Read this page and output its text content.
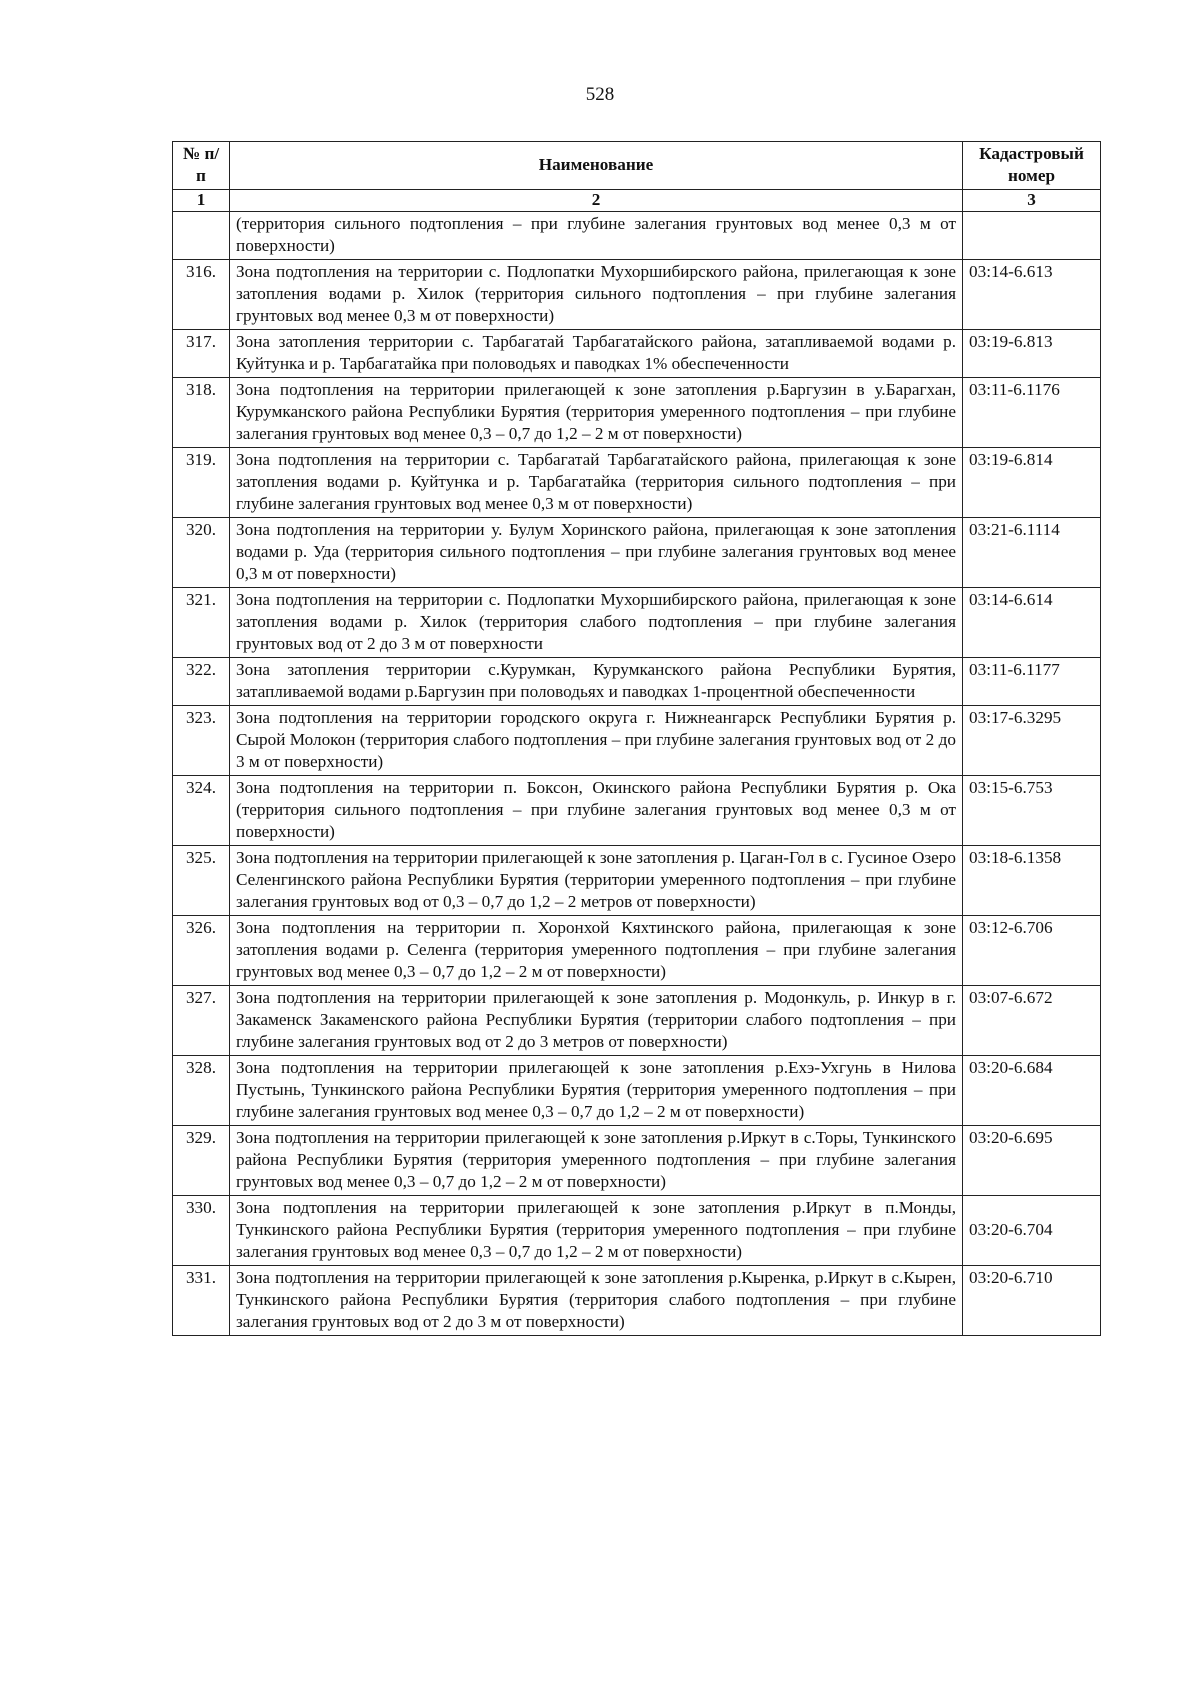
528
№ п/п	Наименование	Кадастровый номер
1	2	3
	(территория сильного подтопления – при глубине залегания грунтовых вод менее 0,3 м от поверхности)	
316.	Зона подтопления на территории с. Подлопатки Мухоршибирского района, прилегающая к зоне затопления водами р. Хилок (территория сильного подтопления – при глубине залегания грунтовых вод менее 0,3 м от поверхности)	03:14-6.613
317.	Зона затопления территории с. Тарбагатай Тарбагатайского района, затапливаемой водами р. Куйтунка и р. Тарбагатайка при половодьях и паводках 1% обеспеченности	03:19-6.813
318.	Зона подтопления на территории прилегающей к зоне затопления р.Баргузин в у.Барагхан, Курумканского района Республики Бурятия (территория умеренного подтопления – при глубине залегания грунтовых вод менее 0,3 – 0,7 до 1,2 – 2 м от поверхности)	03:11-6.1176
319.	Зона подтопления на территории с. Тарбагатай Тарбагатайского района, прилегающая к зоне затопления водами р. Куйтунка и р. Тарбагатайка (территория сильного подтопления – при глубине залегания грунтовых вод менее 0,3 м от поверхности)	03:19-6.814
320.	Зона подтопления на территории у. Булум Хоринского района, прилегающая к зоне затопления водами р. Уда (территория сильного подтопления – при глубине залегания грунтовых вод менее 0,3 м от поверхности)	03:21-6.1114
321.	Зона подтопления на территории с. Подлопатки Мухоршибирского района, прилегающая к зоне затопления водами р. Хилок (территория слабого подтопления – при глубине залегания грунтовых вод от 2 до 3 м от поверхности	03:14-6.614
322.	Зона затопления территории с.Курумкан, Курумканского района Республики Бурятия, затапливаемой водами р.Баргузин при половодьях и паводках 1-процентной обеспеченности	03:11-6.1177
323.	Зона подтопления на территории городского округа г. Нижнеангарск Республики Бурятия р. Сырой Молокон (территория слабого подтопления – при глубине залегания грунтовых вод от 2 до 3 м от поверхности)	03:17-6.3295
324.	Зона подтопления на территории п. Боксон, Окинского района Республики Бурятия р. Ока (территория сильного подтопления – при глубине залегания грунтовых вод менее 0,3 м от поверхности)	03:15-6.753
325.	Зона подтопления на территории прилегающей к зоне затопления р. Цаган-Гол в с. Гусиное Озеро Селенгинского района Республики Бурятия (территории умеренного подтопления – при глубине залегания грунтовых вод от 0,3 – 0,7 до 1,2 – 2 метров от поверхности)	03:18-6.1358
326.	Зона подтопления на территории п. Хоронхой Кяхтинского района, прилегающая к зоне затопления водами р. Селенга (территория умеренного подтопления – при глубине залегания грунтовых вод менее 0,3 – 0,7 до 1,2 – 2 м от поверхности)	03:12-6.706
327.	Зона подтопления на территории прилегающей к зоне затопления р. Модонкуль, р. Инкур в г. Закаменск Закаменского района Республики Бурятия (территории слабого подтопления – при глубине залегания грунтовых вод от 2 до 3 метров от поверхности)	03:07-6.672
328.	Зона подтопления на территории прилегающей к зоне затопления р.Ехэ-Ухгунь в Нилова Пустынь, Тункинского района Республики Бурятия (территория умеренного подтопления – при глубине залегания грунтовых вод менее 0,3 – 0,7 до 1,2 – 2 м от поверхности)	03:20-6.684
329.	Зона подтопления на территории прилегающей к зоне затопления р.Иркут в с.Торы, Тункинского района Республики Бурятия (территория умеренного подтопления – при глубине залегания грунтовых вод менее 0,3 – 0,7 до 1,2 – 2 м от поверхности)	03:20-6.695
330.	Зона подтопления на территории прилегающей к зоне затопления р.Иркут в п.Монды, Тункинского района Республики Бурятия (территория умеренного подтопления – при глубине залегания грунтовых вод менее 0,3 – 0,7 до 1,2 – 2 м от поверхности)	03:20-6.704
331.	Зона подтопления на территории прилегающей к зоне затопления р.Кыренка, р.Иркут в с.Кырен, Тункинского района Республики Бурятия (территория слабого подтопления – при глубине залегания грунтовых вод от 2 до 3 м от поверхности)	03:20-6.710
